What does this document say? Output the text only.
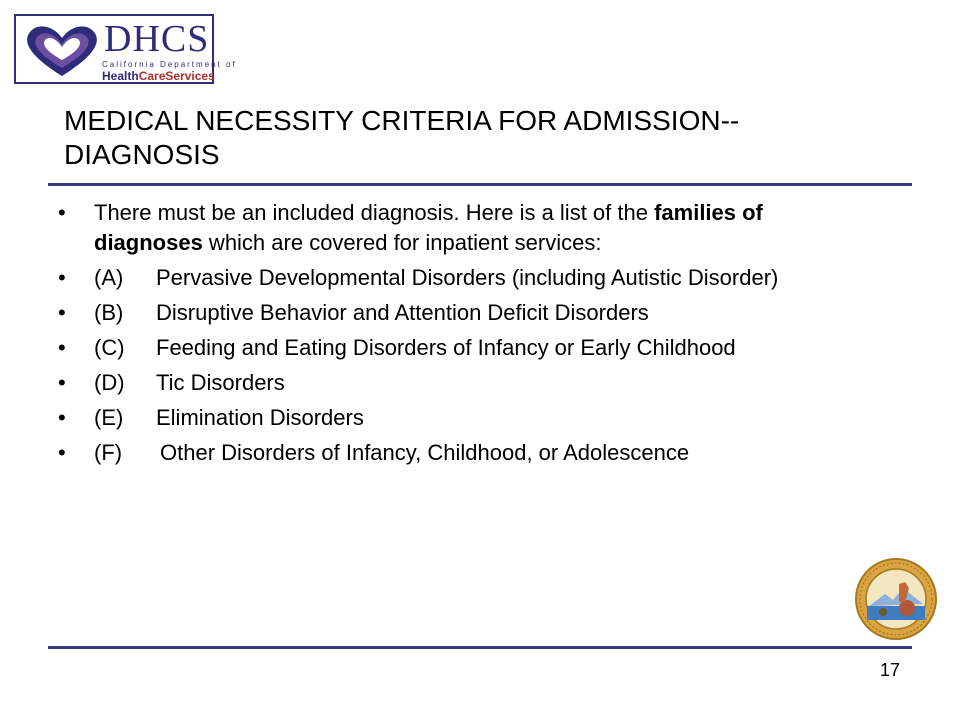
DHCS
California Department of
HealthCareServices
MEDICAL NECESSITY CRITERIA FOR ADMISSION--DIAGNOSIS
• There must be an included diagnosis. Here is a list of the families of diagnoses which are covered for inpatient services:
• (A)	Pervasive Developmental Disorders (including Autistic Disorder)
• (B)	Disruptive Behavior and Attention Deficit Disorders
• (C)	Feeding and Eating Disorders of Infancy or Early Childhood
• (D)	Tic Disorders
• (E)	Elimination Disorders
• (F)	Other Disorders of Infancy, Childhood, or Adolescence
17
